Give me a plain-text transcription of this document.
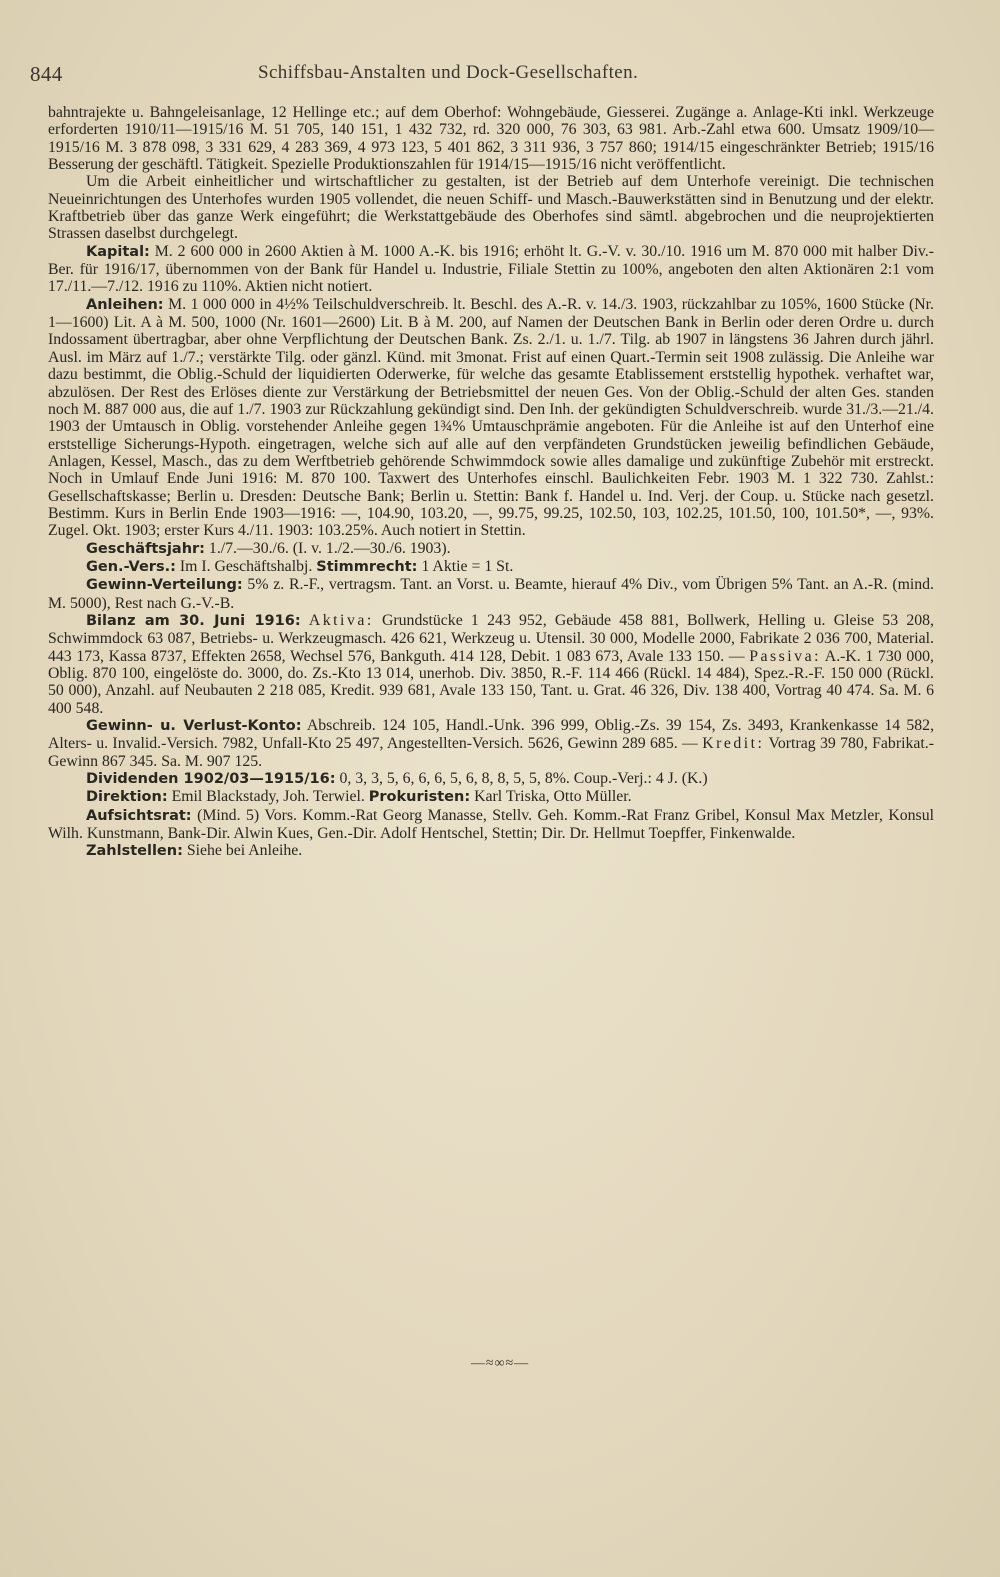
844	Schiffsbau-Anstalten und Dock-Gesellschaften.

bahntrajekte u. Bahngeleisanlage, 12 Hellinge etc.; auf dem Oberhof: Wohngebäude, Giesserei. Zugänge a. Anlage-Kti inkl. Werkzeuge erforderten 1910/11—1915/16 M. 51 705, 140 151, 1 432 732, rd. 320 000, 76 303, 63 981. Arb.-Zahl etwa 600. Umsatz 1909/10—1915/16 M. 3 878 098, 3 331 629, 4 283 369, 4 973 123, 5 401 862, 3 311 936, 3 757 860; 1914/15 eingeschränkter Betrieb; 1915/16 Besserung der geschäftl. Tätigkeit. Spezielle Produktionszahlen für 1914/15—1915/16 nicht veröffentlicht.

Um die Arbeit einheitlicher und wirtschaftlicher zu gestalten, ist der Betrieb auf dem Unterhofe vereinigt. Die technischen Neueinrichtungen des Unterhofes wurden 1905 vollendet, die neuen Schiff- und Masch.-Bauwerkstätten sind in Benutzung und der elektr. Kraftbetrieb über das ganze Werk eingeführt; die Werkstattgebäude des Oberhofes sind sämtl. abgebrochen und die neuprojektierten Strassen daselbst durchgelegt.

Kapital: M. 2 600 000 in 2600 Aktien à M. 1000 A.-K. bis 1916; erhöht lt. G.-V. v. 30./10. 1916 um M. 870 000 mit halber Div.-Ber. für 1916/17, übernommen von der Bank für Handel u. Industrie, Filiale Stettin zu 100%, angeboten den alten Aktionären 2:1 vom 17./11.—7./12. 1916 zu 110%. Aktien nicht notiert.

Anleihen: M. 1 000 000 in 4½% Teilschuldverschreib. lt. Beschl. des A.-R. v. 14./3. 1903, rückzahlbar zu 105%, 1600 Stücke (Nr. 1—1600) Lit. A à M. 500, 1000 (Nr. 1601—2600) Lit. B à M. 200, auf Namen der Deutschen Bank in Berlin oder deren Ordre u. durch Indossament übertragbar, aber ohne Verpflichtung der Deutschen Bank. Zs. 2./1. u. 1./7. Tilg. ab 1907 in längstens 36 Jahren durch jährl. Ausl. im März auf 1./7.; verstärkte Tilg. oder gänzl. Künd. mit 3monat. Frist auf einen Quart.-Termin seit 1908 zulässig. Die Anleihe war dazu bestimmt, die Oblig.-Schuld der liquidierten Oderwerke, für welche das gesamte Etablissement erststellig hypothek. verhaftet war, abzulösen. Der Rest des Erlöses diente zur Verstärkung der Betriebsmittel der neuen Ges. Von der Oblig.-Schuld der alten Ges. standen noch M. 887 000 aus, die auf 1./7. 1903 zur Rückzahlung gekündigt sind. Den Inh. der gekündigten Schuldverschreib. wurde 31./3.—21./4. 1903 der Umtausch in Oblig. vorstehender Anleihe gegen 1¾% Umtauschprämie angeboten. Für die Anleihe ist auf den Unterhof eine erststellige Sicherungs-Hypoth. eingetragen, welche sich auf alle auf den verpfändeten Grundstücken jeweilig befindlichen Gebäude, Anlagen, Kessel, Masch., das zu dem Werftbetrieb gehörende Schwimmdock sowie alles damalige und zukünftige Zubehör mit erstreckt. Noch in Umlauf Ende Juni 1916: M. 870 100. Taxwert des Unterhofes einschl. Baulichkeiten Febr. 1903 M. 1 322 730. Zahlst.: Gesellschaftskasse; Berlin u. Dresden: Deutsche Bank; Berlin u. Stettin: Bank f. Handel u. Ind. Verj. der Coup. u. Stücke nach gesetzl. Bestimm. Kurs in Berlin Ende 1903—1916: —, 104.90, 103.20, —, 99.75, 99.25, 102.50, 103, 102.25, 101.50, 100, 101.50*, —, 93%. Zugel. Okt. 1903; erster Kurs 4./11. 1903: 103.25%. Auch notiert in Stettin.

Geschäftsjahr: 1./7.—30./6. (I. v. 1./2.—30./6. 1903).

Gen.-Vers.: Im I. Geschäftshalbj. Stimmrecht: 1 Aktie = 1 St.

Gewinn-Verteilung: 5% z. R.-F., vertragsm. Tant. an Vorst. u. Beamte, hierauf 4% Div., vom Übrigen 5% Tant. an A.-R. (mind. M. 5000), Rest nach G.-V.-B.

Bilanz am 30. Juni 1916: Aktiva: Grundstücke 1 243 952, Gebäude 458 881, Bollwerk, Helling u. Gleise 53 208, Schwimmdock 63 087, Betriebs- u. Werkzeugmasch. 426 621, Werkzeug u. Utensil. 30 000, Modelle 2000, Fabrikate 2 036 700, Material. 443 173, Kassa 8737, Effekten 2658, Wechsel 576, Bankguth. 414 128, Debit. 1 083 673, Avale 133 150. — Passiva: A.-K. 1 730 000, Oblig. 870 100, eingelöste do. 3000, do. Zs.-Kto 13 014, unerhob. Div. 3850, R.-F. 114 466 (Rückl. 14 484), Spez.-R.-F. 150 000 (Rückl. 50 000), Anzahl. auf Neubauten 2 218 085, Kredit. 939 681, Avale 133 150, Tant. u. Grat. 46 326, Div. 138 400, Vortrag 40 474. Sa. M. 6 400 548.

Gewinn- u. Verlust-Konto: Abschreib. 124 105, Handl.-Unk. 396 999, Oblig.-Zs. 39 154, Zs. 3493, Krankenkasse 14 582, Alters- u. Invalid.-Versich. 7982, Unfall-Kto 25 497, Angestellten-Versich. 5626, Gewinn 289 685. — Kredit: Vortrag 39 780, Fabrikat.-Gewinn 867 345. Sa. M. 907 125.

Dividenden 1902/03—1915/16: 0, 3, 3, 5, 6, 6, 6, 5, 6, 8, 8, 5, 5, 8%. Coup.-Verj.: 4 J. (K.)

Direktion: Emil Blackstady, Joh. Terwiel. Prokuristen: Karl Triska, Otto Müller.

Aufsichtsrat: (Mind. 5) Vors. Komm.-Rat Georg Manasse, Stellv. Geh. Komm.-Rat Franz Gribel, Konsul Max Metzler, Konsul Wilh. Kunstmann, Bank-Dir. Alwin Kues, Gen.-Dir. Adolf Hentschel, Stettin; Dir. Dr. Hellmut Toepffer, Finkenwalde.

Zahlstellen: Siehe bei Anleihe.

—≈∞≈—
